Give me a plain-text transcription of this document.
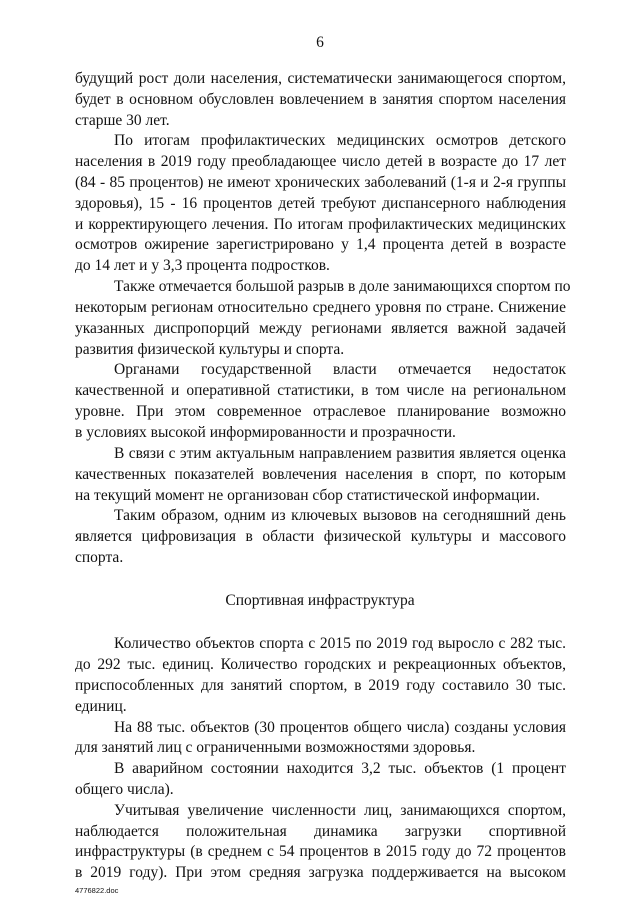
6
будущий рост доли населения, систематически занимающегося спортом,
будет в основном обусловлен вовлечением в занятия спортом населения
старше 30 лет.
По итогам профилактических медицинских осмотров детского
населения в 2019 году преобладающее число детей в возрасте до 17 лет
(84 - 85 процентов) не имеют хронических заболеваний (1-я и 2-я группы
здоровья), 15 - 16 процентов детей требуют диспансерного наблюдения
и корректирующего лечения. По итогам профилактических медицинских
осмотров ожирение зарегистрировано у 1,4 процента детей в возрасте
до 14 лет и у 3,3 процента подростков.
Также отмечается большой разрыв в доле занимающихся спортом по
некоторым регионам относительно среднего уровня по стране. Снижение
указанных диспропорций между регионами является важной задачей
развития физической культуры и спорта.
Органами государственной власти отмечается недостаток
качественной и оперативной статистики, в том числе на региональном
уровне. При этом современное отраслевое планирование возможно
в условиях высокой информированности и прозрачности.
В связи с этим актуальным направлением развития является оценка
качественных показателей вовлечения населения в спорт, по которым
на текущий момент не организован сбор статистической информации.
Таким образом, одним из ключевых вызовов на сегодняшний день
является цифровизация в области физической культуры и массового
спорта.
Спортивная инфраструктура
Количество объектов спорта с 2015 по 2019 год выросло с 282 тыс.
до 292 тыс. единиц. Количество городских и рекреационных объектов,
приспособленных для занятий спортом, в 2019 году составило 30 тыс.
единиц.
На 88 тыс. объектов (30 процентов общего числа) созданы условия
для занятий лиц с ограниченными возможностями здоровья.
В аварийном состоянии находится 3,2 тыс. объектов (1 процент
общего числа).
Учитывая увеличение численности лиц, занимающихся спортом,
наблюдается положительная динамика загрузки спортивной
инфраструктуры (в среднем с 54 процентов в 2015 году до 72 процентов
в 2019 году). При этом средняя загрузка поддерживается на высоком
4776822.doc
